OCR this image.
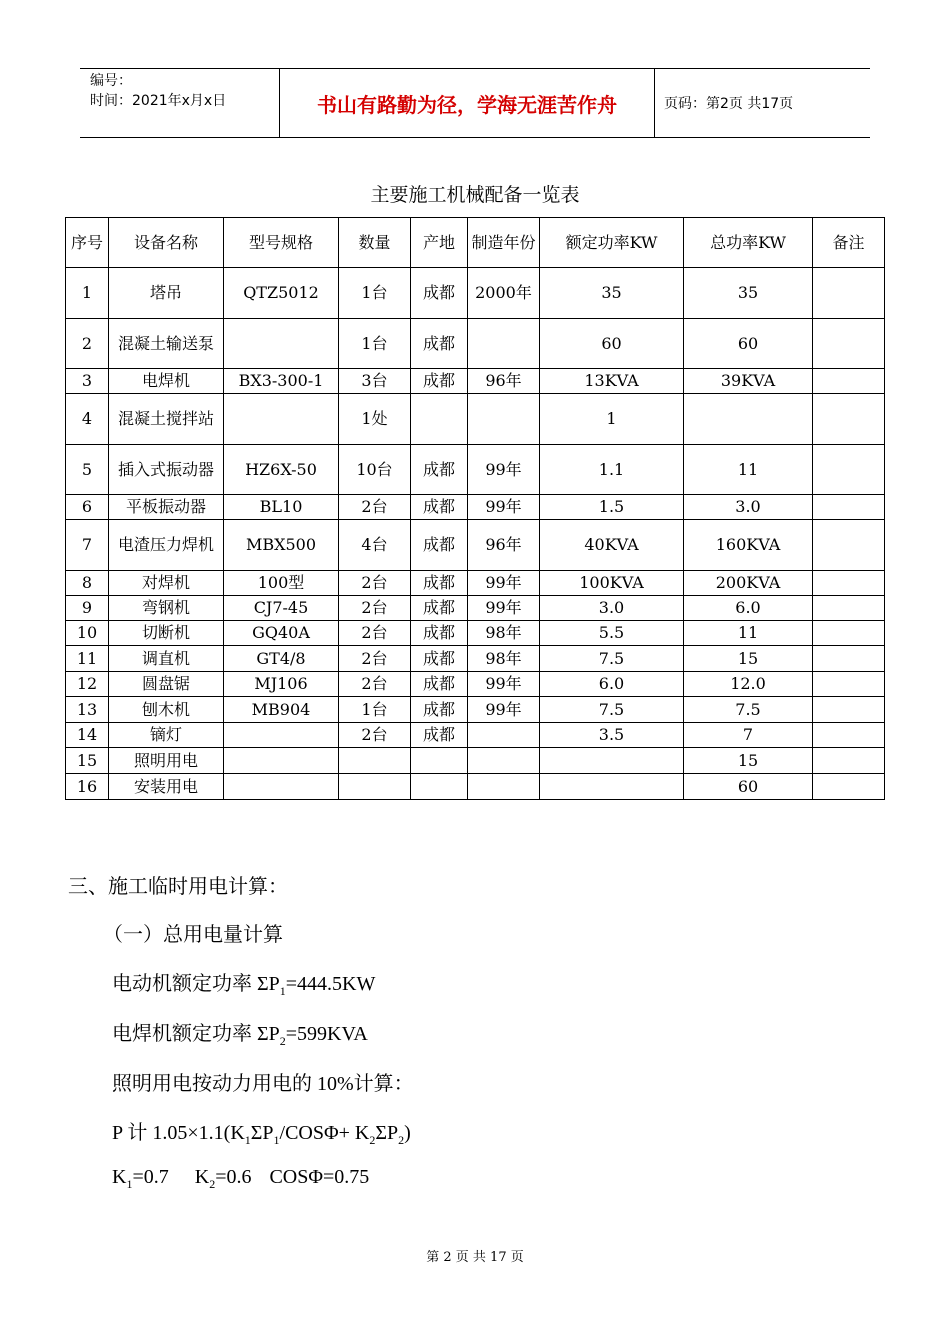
编号：
时间：2021年x月x日	书山有路勤为径，学海无涯苦作舟	页码：第2页 共17页
主要施工机械配备一览表
序号	设备名称	型号规格	数量	产地	制造年份	额定功率KW	总功率KW	备注
1	塔吊	QTZ5012	1台	成都	2000年	35	35	
2	混凝土输送泵		1台	成都		60	60	
3	电焊机	BX3-300-1	3台	成都	96年	13KVA	39KVA	
4	混凝土搅拌站		1处			1		
5	插入式振动器	HZ6X-50	10台	成都	99年	1.1	11	
6	平板振动器	BL10	2台	成都	99年	1.5	3.0	
7	电渣压力焊机	MBX500	4台	成都	96年	40KVA	160KVA	
8	对焊机	100型	2台	成都	99年	100KVA	200KVA	
9	弯钢机	CJ7-45	2台	成都	99年	3.0	6.0	
10	切断机	GQ40A	2台	成都	98年	5.5	11	
11	调直机	GT4/8	2台	成都	98年	7.5	15	
12	圆盘锯	MJ106	2台	成都	99年	6.0	12.0	
13	刨木机	MB904	1台	成都	99年	7.5	7.5	
14	镝灯		2台	成都		3.5	7	
15	照明用电						15	
16	安装用电						60	
三、施工临时用电计算：
（一）总用电量计算
电动机额定功率 $\Sigma P_1=444.5KW$
电焊机额定功率 $\Sigma P_2=599KVA$
照明用电按动力用电的 10%计算：
P 计 $1.05\times 1.1(K_1\Sigma P_1/COS\Phi+ K_2\Sigma P_2)$
$K_1=0.7$ $K_2=0.6$ COSΦ=0.75
第 2 页 共 17 页
